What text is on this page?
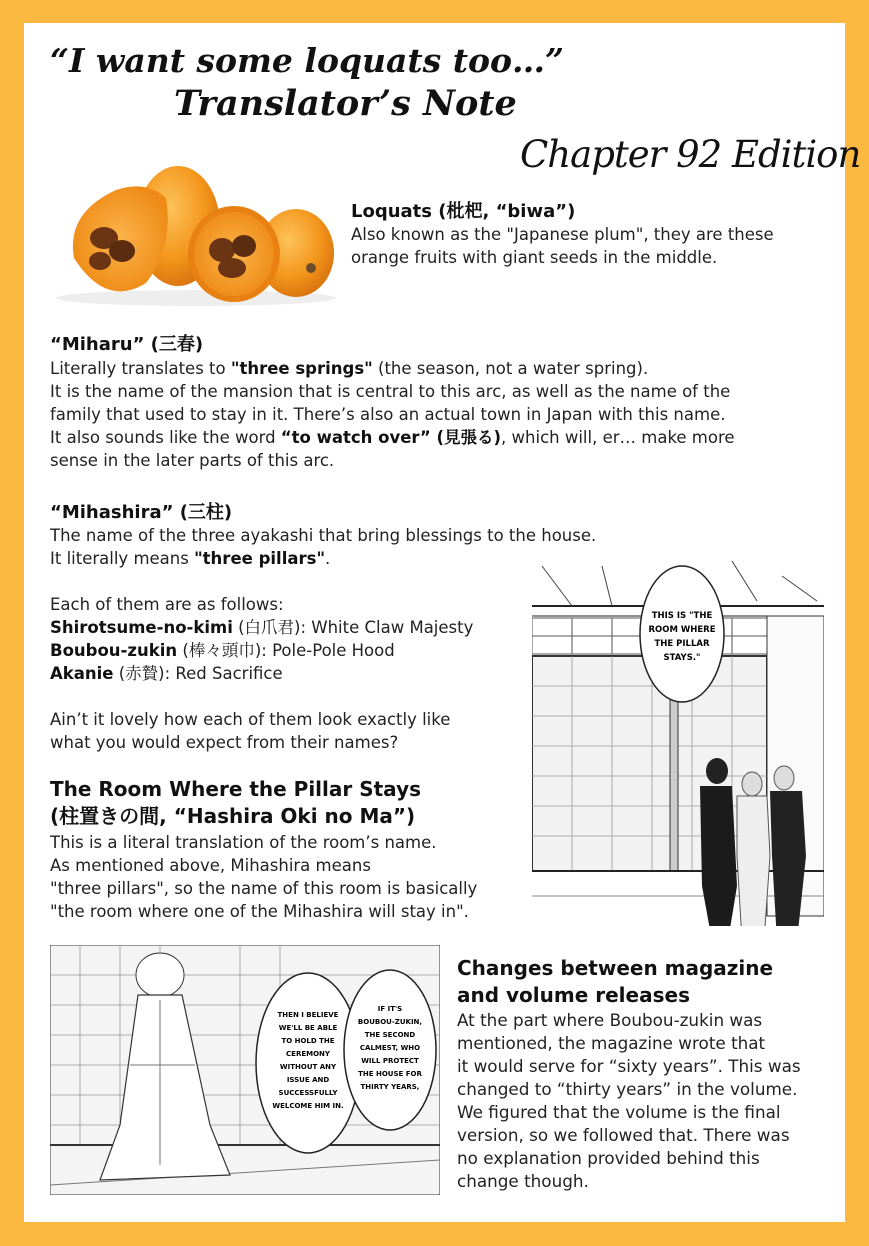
“I want some loquats too…”
Translator’s Note
Chapter 92 Edition
Loquats (枇杷, “biwa”)
Also known as the "Japanese plum", they are these
orange fruits with giant seeds in the middle.
“Miharu” (三春)
Literally translates to "three springs" (the season, not a water spring).
It is the name of the mansion that is central to this arc, as well as the name of the
family that used to stay in it. There’s also an actual town in Japan with this name.
It also sounds like the word “to watch over” (見張る), which will, er… make more
sense in the later parts of this arc.
“Mihashira” (三柱)
The name of the three ayakashi that bring blessings to the house.
It literally means "three pillars".
Each of them are as follows:
Shirotsume-no-kimi (白爪君): White Claw Majesty
Boubou-zukin (棒々頭巾): Pole-Pole Hood
Akanie (赤贄): Red Sacrifice
Ain’t it lovely how each of them look exactly like
what you would expect from their names?
The Room Where the Pillar Stays
(柱置きの間, “Hashira Oki no Ma”)
This is a literal translation of the room’s name.
As mentioned above, Mihashira means
"three pillars", so the name of this room is basically
"the room where one of the Mihashira will stay in".
THIS IS "THE
ROOM WHERE
THE PILLAR
STAYS."
THEN I BELIEVE
WE'LL BE ABLE
TO HOLD THE
CEREMONY
WITHOUT ANY
ISSUE AND
SUCCESSFULLY
WELCOME HIM IN.
IF IT'S
BOUBOU-ZUKIN,
THE SECOND
CALMEST, WHO
WILL PROTECT
THE HOUSE FOR
THIRTY YEARS,
Changes between magazine
and volume releases
At the part where Boubou-zukin was
mentioned, the magazine wrote that
it would serve for “sixty years”. This was
changed to “thirty years” in the volume.
We figured that the volume is the final
version, so we followed that. There was
no explanation provided behind this
change though.
